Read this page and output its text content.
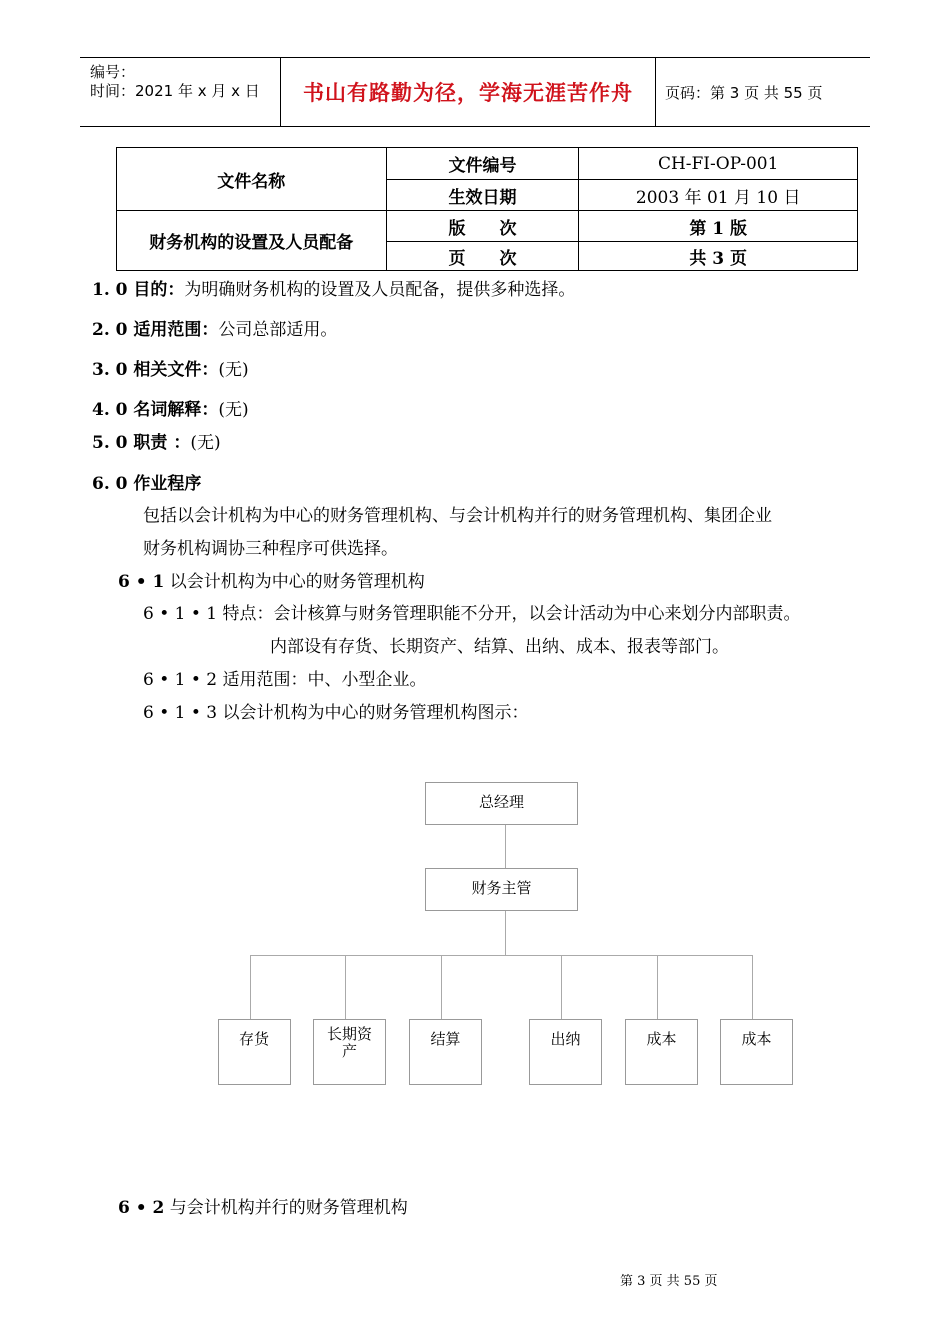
编号：
时间：2021 年 x 月 x 日 书山有路勤为径，学海无涯苦作舟 页码：第 3 页 共 55 页
文件名称	文件编号	CH-FI-OP-001
	生效日期	2003 年 01 月 10 日
财务机构的设置及人员配备	版　　次	第 1 版
	页　　次	共 3 页
1. 0 目的：为明确财务机构的设置及人员配备，提供多种选择。
2. 0 适用范围：公司总部适用。
3. 0 相关文件：(无)
4. 0 名词解释：(无)
5. 0 职责 ：(无)
6. 0 作业程序
包括以会计机构为中心的财务管理机构、与会计机构并行的财务管理机构、集团企业
财务机构调协三种程序可供选择。
6 • 1 以会计机构为中心的财务管理机构
6 • 1 • 1 特点：会计核算与财务管理职能不分开，以会计活动为中心来划分内部职责。
内部设有存货、长期资产、结算、出纳、成本、报表等部门。
6 • 1 • 2 适用范围：中、小型企业。
6 • 1 • 3 以会计机构为中心的财务管理机构图示：
总经理
财务主管
存货	长期资
产
结算	出纳	成本	成本
6 • 2 与会计机构并行的财务管理机构
第 3 页 共 55 页
